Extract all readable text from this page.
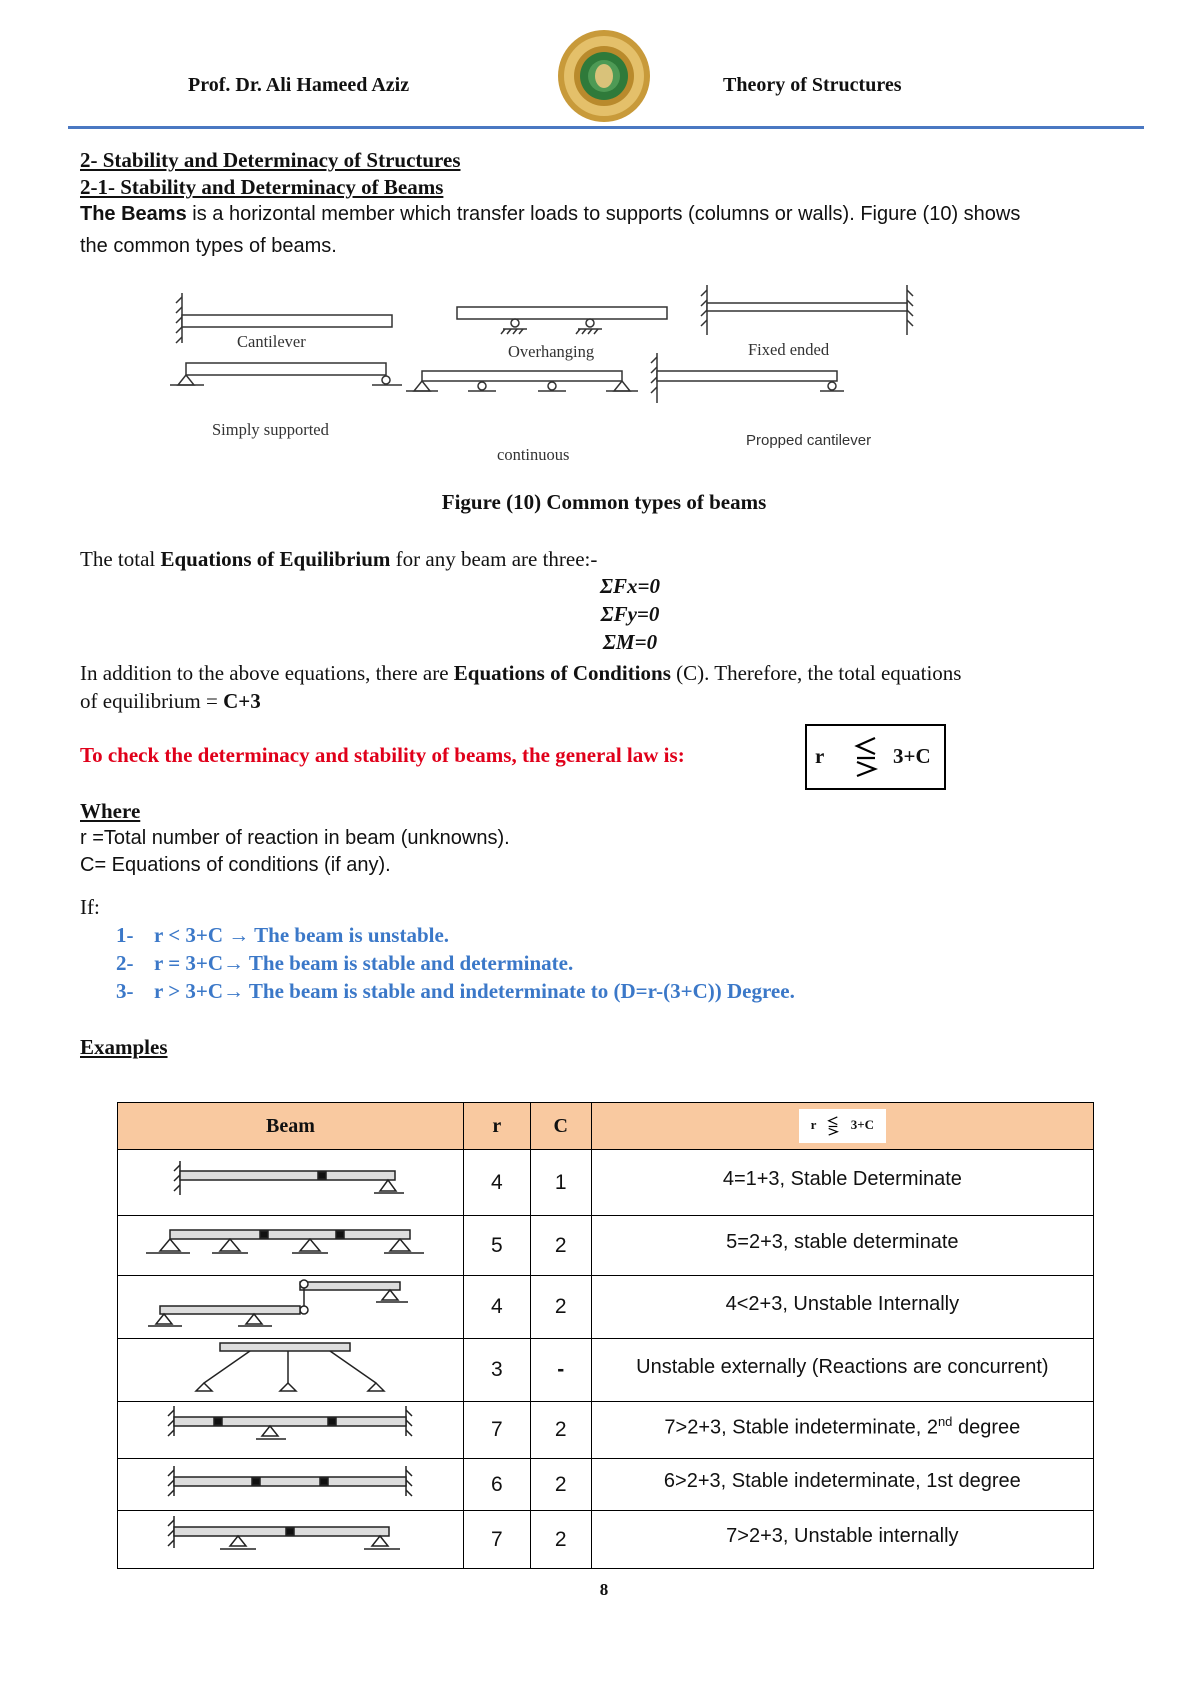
Prof. Dr. Ali Hameed Aziz	Theory of Structures
2- Stability and Determinacy of Structures
2-1- Stability and Determinacy of Beams
The Beams is a horizontal member which transfer loads to supports (columns or walls). Figure (10) shows
the common types of beams.
Cantilever
Overhanging	Fixed ended
Simply supported
continuous
Propped cantilever
Figure (10) Common types of beams
The total Equations of Equilibrium for any beam are three:-
ΣFx=0
ΣFy=0
ΣM=0
In addition to the above equations, there are Equations of Conditions (C). Therefore, the total equations
of equilibrium = C+3
To check the determinacy and stability of beams, the general law is:	r	3+C
Where
r =Total number of reaction in beam (unknowns).
C= Equations of conditions (if any).
If:
1- r < 3+C → The beam is unstable.
2- r = 3+C→ The beam is stable and determinate.
3- r > 3+C→ The beam is stable and indeterminate to (D=r-(3+C)) Degree.
Examples
Beam	r	C	r 3+C
	4	1	4=1+3, Stable Determinate
	5	2	5=2+3, stable determinate
	4	2	4<2+3, Unstable Internally
	3	-	Unstable externally (Reactions are concurrent)
	7	2	7>2+3, Stable indeterminate, 2nd degree
	6	2	6>2+3, Stable indeterminate, 1st degree
	7	2	7>2+3, Unstable internally
8
